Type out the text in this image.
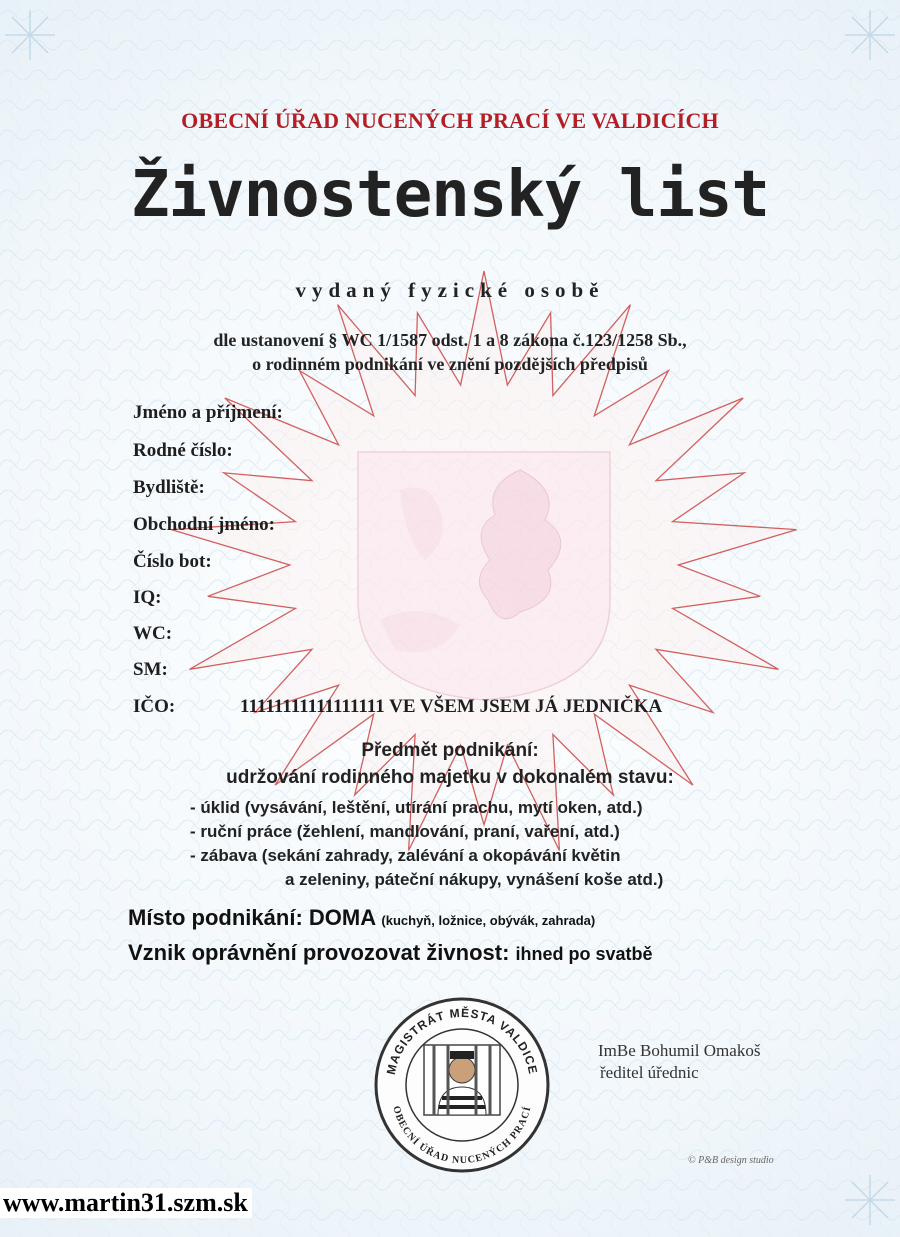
OBECNÍ ÚŘAD NUCENÝCH PRACÍ VE VALDICÍCH
Živnostenský list
vydaný fyzické osobě
dle ustanovení § WC 1/1587 odst. 1 a 8 zákona č.123/1258 Sb.,
o rodinném podnikání ve znění pozdějších předpisů
Jméno a příjmení:
Rodné číslo:
Bydliště:
Obchodní jméno:
Číslo bot:
IQ:
WC:
SM:
IČO:	11111111111111111 VE VŠEM JSEM JÁ JEDNIČKA
Předmět podnikání:
udržování rodinného majetku v dokonalém stavu:
- úklid (vysávání, leštění, utírání prachu, mytí oken, atd.)
- ruční práce (žehlení, mandlování, praní, vaření, atd.)
- zábava (sekání zahrady, zalévání a okopávání květin
a zeleniny, páteční nákupy, vynášení koše atd.)
Místo podnikání: DOMA (kuchyň, ložnice, obývák, zahrada)
Vznik oprávnění provozovat živnost: ihned po svatbě
MAGISTRÁT MĚSTA VALDICE
OBECNÍ ÚŘAD NUCENÝCH PRACÍ
ImBe Bohumil Omakoš
ředitel úřednic
© P&B design studio
www.martin31.szm.sk
